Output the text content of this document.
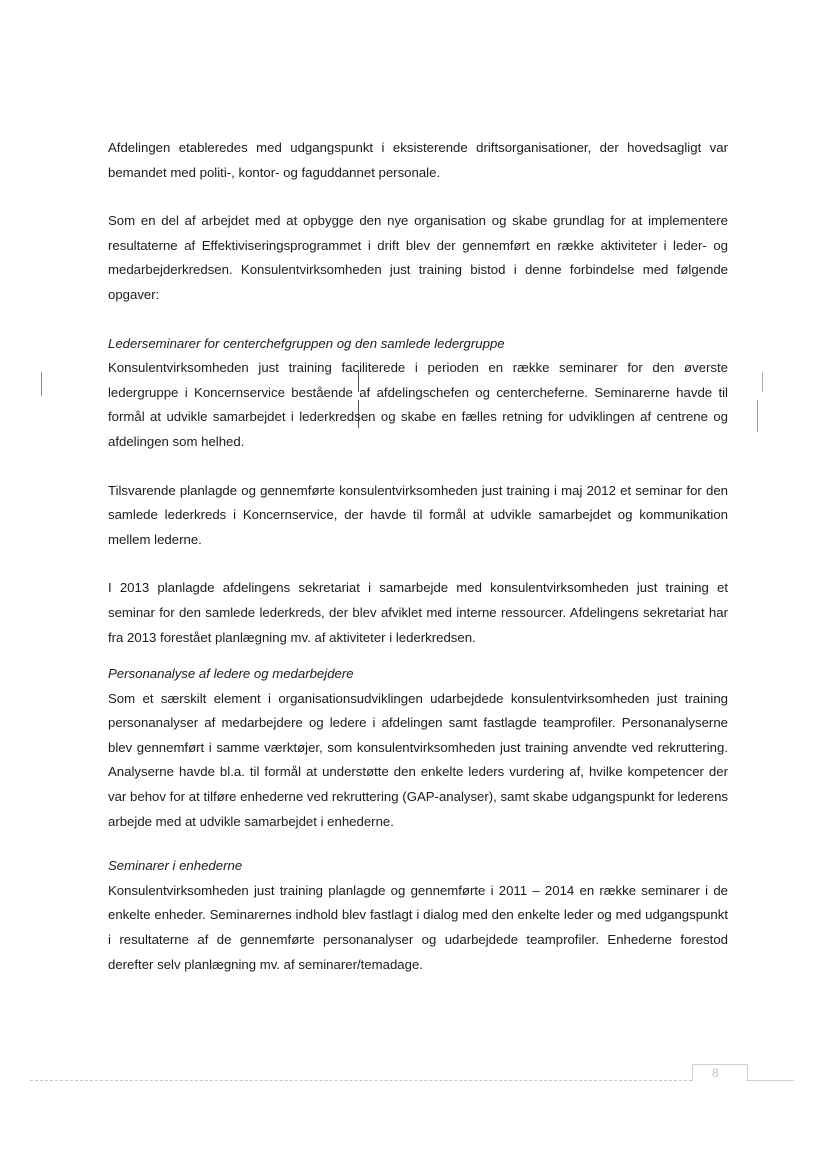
Afdelingen etableredes med udgangspunkt i eksisterende driftsorganisationer, der hovedsagligt var bemandet med politi-, kontor- og faguddannet personale.

Som en del af arbejdet med at opbygge den nye organisation og skabe grundlag for at implementere resultaterne af Effektiviseringsprogrammet i drift blev der gennemført en række aktiviteter i leder- og medarbejderkredsen. Konsulentvirksomheden just training bistod i denne forbindelse med følgende opgaver:

Lederseminarer for centerchefgruppen og den samlede ledergruppe

Konsulentvirksomheden just training faciliterede i perioden en række seminarer for den øverste ledergruppe i Koncernservice bestående af afdelingschefen og centercheferne. Seminarerne havde til formål at udvikle samarbejdet i lederkredsen og skabe en fælles retning for udviklingen af centrene og afdelingen som helhed.

Tilsvarende planlagde og gennemførte konsulentvirksomheden just training i maj 2012 et seminar for den samlede lederkreds i Koncernservice, der havde til formål at udvikle samarbejdet og kommunikation mellem lederne.

I 2013 planlagde afdelingens sekretariat i samarbejde med konsulentvirksomheden just training et seminar for den samlede lederkreds, der blev afviklet med interne ressourcer. Afdelingens sekretariat har fra 2013 forestået planlægning mv. af aktiviteter i lederkredsen.

Personanalyse af ledere og medarbejdere

Som et særskilt element i organisationsudviklingen udarbejdede konsulentvirksomheden just training personanalyser af medarbejdere og ledere i afdelingen samt fastlagde teamprofiler. Personanalyserne blev gennemført i samme værktøjer, som konsulentvirksomheden just training anvendte ved rekruttering. Analyserne havde bl.a. til formål at understøtte den enkelte leders vurdering af, hvilke kompetencer der var behov for at tilføre enhederne ved rekruttering (GAP-analyser), samt skabe udgangspunkt for lederens arbejde med at udvikle samarbejdet i enhederne.

Seminarer i enhederne

Konsulentvirksomheden just training planlagde og gennemførte i 2011 – 2014 en række seminarer i de enkelte enheder. Seminarernes indhold blev fastlagt i dialog med den enkelte leder og med udgangspunkt i resultaterne af de gennemførte personanalyser og udarbejdede teamprofiler. Enhederne forestod derefter selv planlægning mv. af seminarer/temadage.

8
